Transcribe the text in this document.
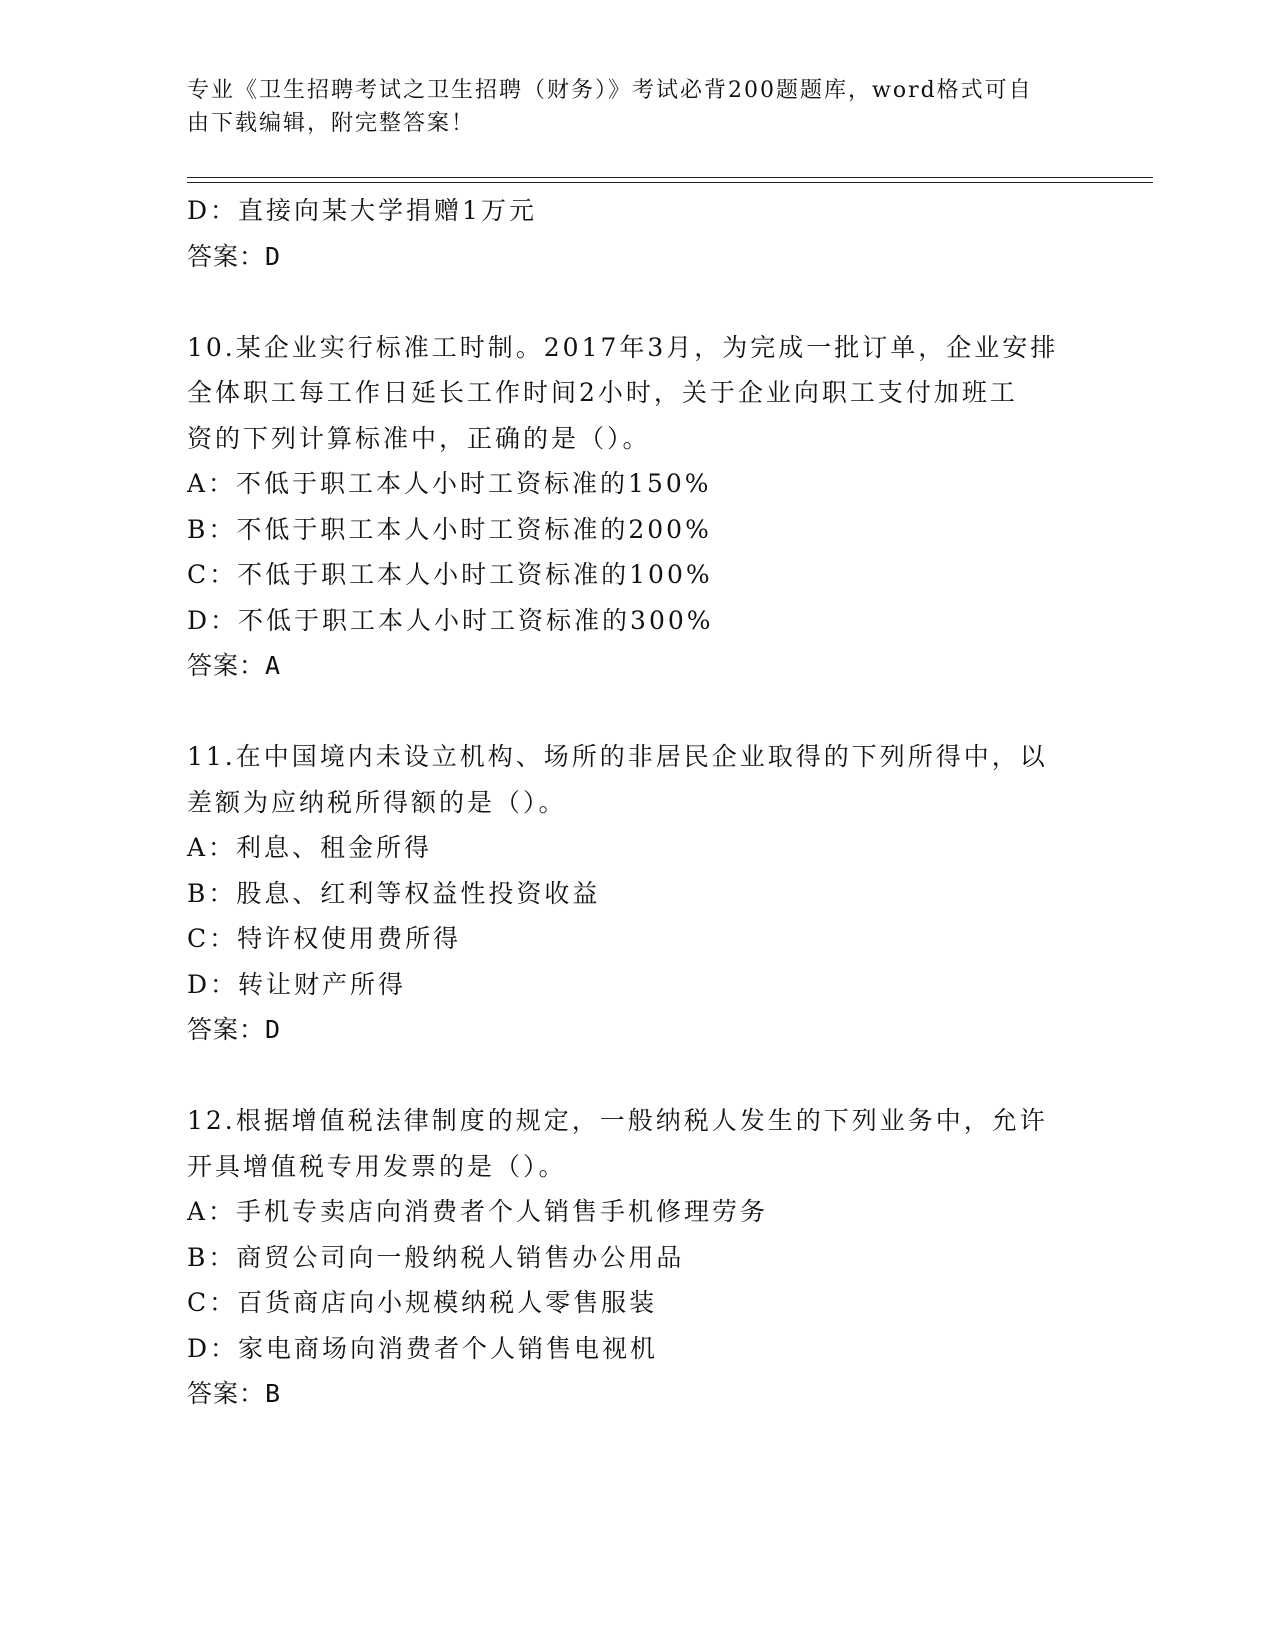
专业《卫生招聘考试之卫生招聘（财务）》考试必背200题题库，word格式可自
由下载编辑，附完整答案！
D：直接向某大学捐赠1万元
答案：D
10.某企业实行标准工时制。2017年3月，为完成一批订单，企业安排
全体职工每工作日延长工作时间2小时，关于企业向职工支付加班工
资的下列计算标准中，正确的是（）。
A：不低于职工本人小时工资标准的150%
B：不低于职工本人小时工资标准的200%
C：不低于职工本人小时工资标准的100%
D：不低于职工本人小时工资标准的300%
答案：A
11.在中国境内未设立机构、场所的非居民企业取得的下列所得中，以
差额为应纳税所得额的是（）。
A：利息、租金所得
B：股息、红利等权益性投资收益
C：特许权使用费所得
D：转让财产所得
答案：D
12.根据增值税法律制度的规定，一般纳税人发生的下列业务中，允许
开具增值税专用发票的是（）。
A：手机专卖店向消费者个人销售手机修理劳务
B：商贸公司向一般纳税人销售办公用品
C：百货商店向小规模纳税人零售服装
D：家电商场向消费者个人销售电视机
答案：B
